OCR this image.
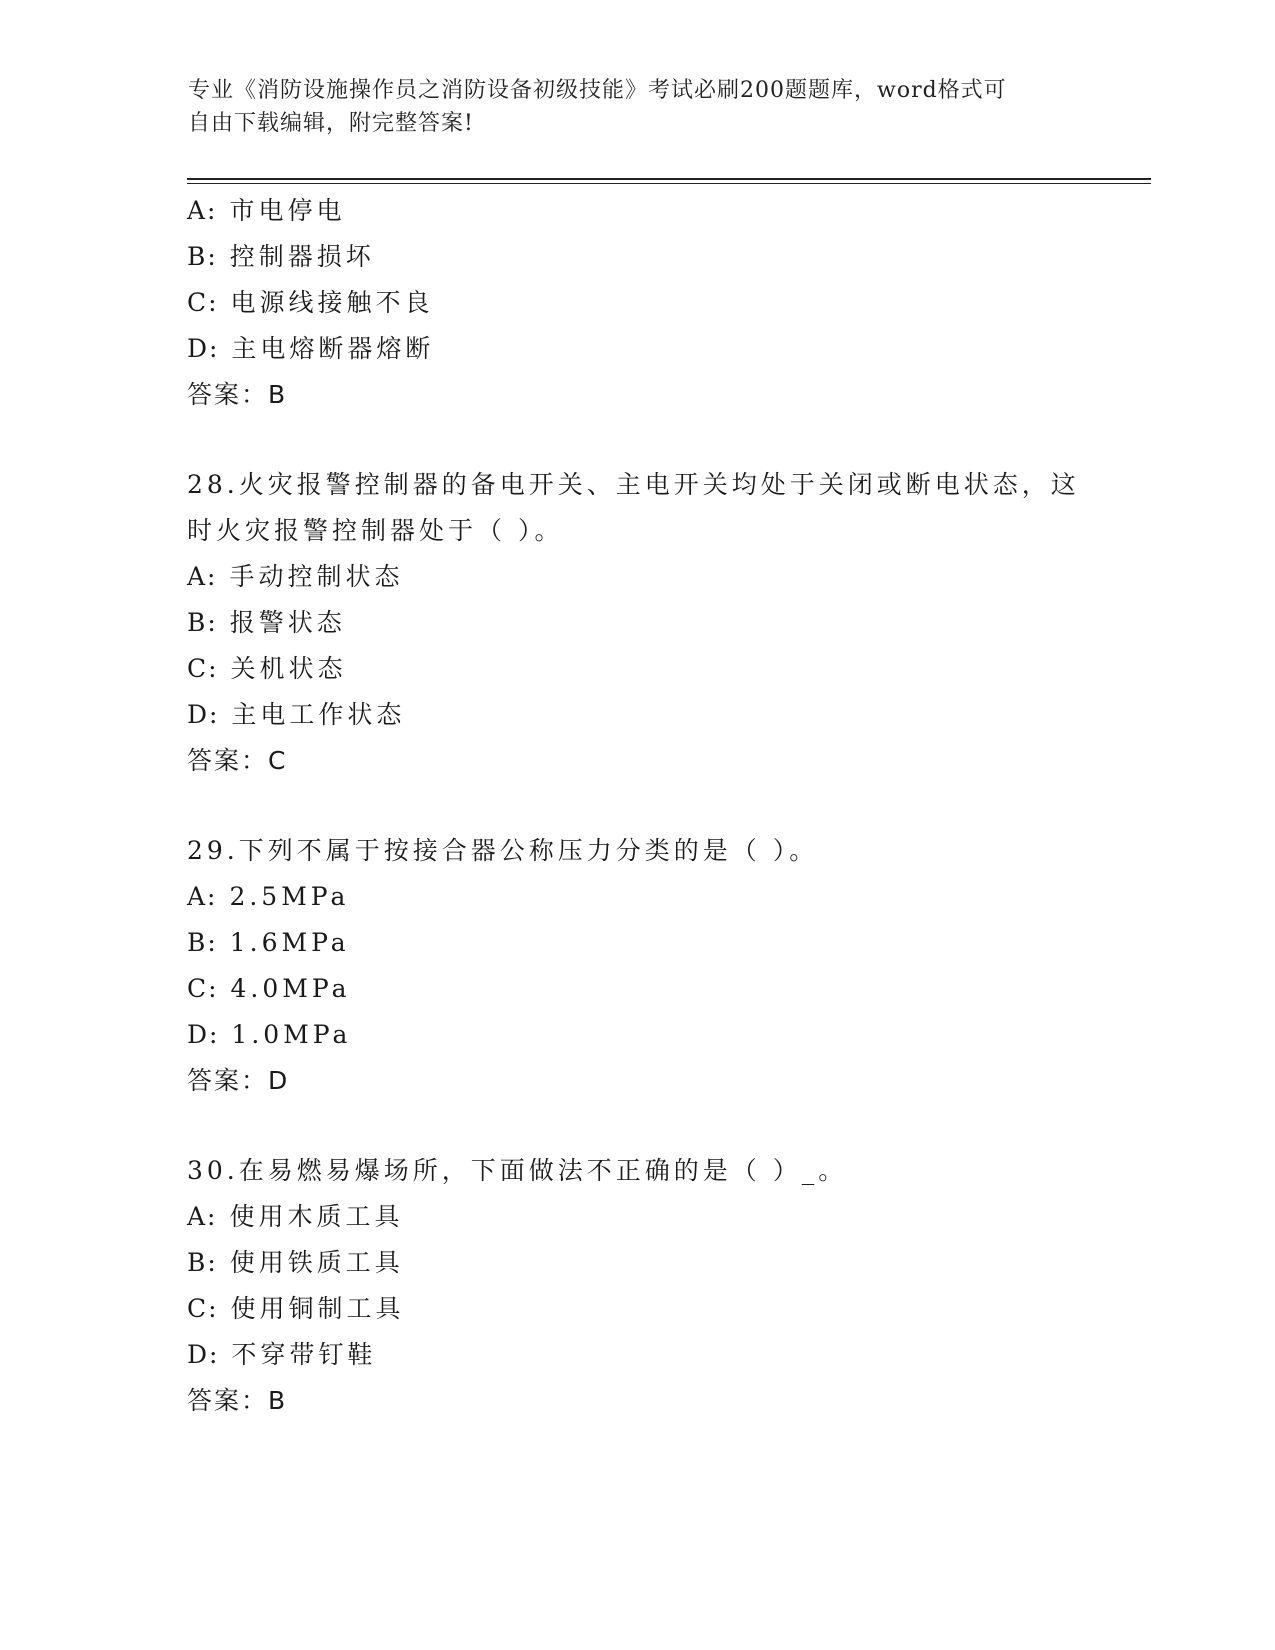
专业《消防设施操作员之消防设备初级技能》考试必刷200题题库，word格式可
自由下载编辑，附完整答案!
A: 市电停电
B: 控制器损坏
C: 电源线接触不良
D: 主电熔断器熔断
答案：B
28.火灾报警控制器的备电开关、主电开关均处于关闭或断电状态，这
时火灾报警控制器处于（ ）。
A: 手动控制状态
B: 报警状态
C: 关机状态
D: 主电工作状态
答案：C
29.下列不属于按接合器公称压力分类的是（ ）。
A: 2.5MPa
B: 1.6MPa
C: 4.0MPa
D: 1.0MPa
答案：D
30.在易燃易爆场所，下面做法不正确的是（ ）_。
A: 使用木质工具
B: 使用铁质工具
C: 使用铜制工具
D: 不穿带钉鞋
答案：B
